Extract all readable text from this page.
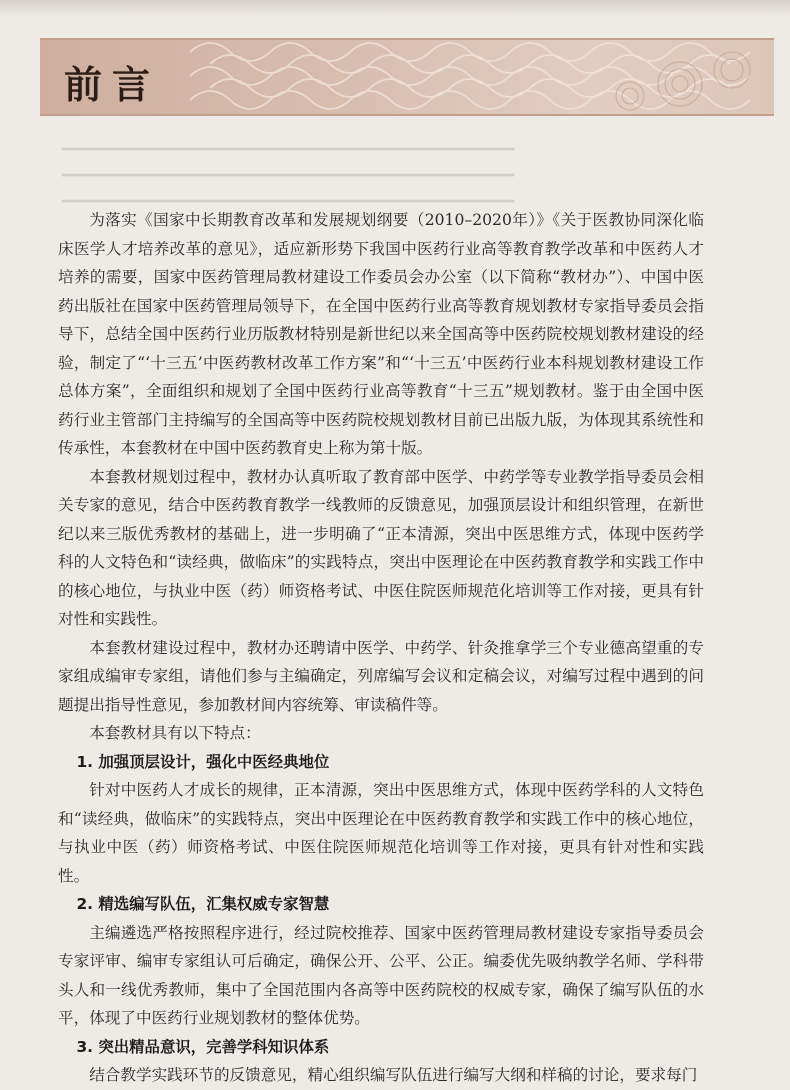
前言
▔▔▔▔▔▔▔▔▔▔▔▔▔▔▔▔▔▔▔▔▔▔▔▔▔▔▔▔▔▔▔▔▔▔▔▔▔▔▔▔▔▔
▔▔▔▔▔▔▔▔▔▔▔▔▔▔▔▔▔▔▔▔▔▔▔▔▔▔▔▔▔▔▔▔▔▔▔▔▔▔▔▔▔▔
▔▔▔▔▔▔▔▔▔▔▔▔▔▔▔▔▔▔▔▔▔▔▔▔▔▔▔▔▔▔▔▔▔▔▔▔▔▔▔▔▔▔

为落实《国家中长期教育改革和发展规划纲要（2010–2020年）》《关于医教协同深化临床医学人才培养改革的意见》，适应新形势下我国中医药行业高等教育教学改革和中医药人才培养的需要，国家中医药管理局教材建设工作委员会办公室（以下简称“教材办”）、中国中医药出版社在国家中医药管理局领导下，在全国中医药行业高等教育规划教材专家指导委员会指导下，总结全国中医药行业历版教材特别是新世纪以来全国高等中医药院校规划教材建设的经验，制定了“‘十三五’中医药教材改革工作方案”和“‘十三五’中医药行业本科规划教材建设工作总体方案”，全面组织和规划了全国中医药行业高等教育“十三五”规划教材。鉴于由全国中医药行业主管部门主持编写的全国高等中医药院校规划教材目前已出版九版，为体现其系统性和传承性，本套教材在中国中医药教育史上称为第十版。

本套教材规划过程中，教材办认真听取了教育部中医学、中药学等专业教学指导委员会相关专家的意见，结合中医药教育教学一线教师的反馈意见，加强顶层设计和组织管理，在新世纪以来三版优秀教材的基础上，进一步明确了“正本清源，突出中医思维方式，体现中医药学科的人文特色和“读经典，做临床”的实践特点，突出中医理论在中医药教育教学和实践工作中的核心地位，与执业中医（药）师资格考试、中医住院医师规范化培训等工作对接，更具有针对性和实践性。

本套教材建设过程中，教材办还聘请中医学、中药学、针灸推拿学三个专业德高望重的专家组成编审专家组，请他们参与主编确定，列席编写会议和定稿会议，对编写过程中遇到的问题提出指导性意见，参加教材间内容统筹、审读稿件等。

本套教材具有以下特点：

1. 加强顶层设计，强化中医经典地位

针对中医药人才成长的规律，正本清源，突出中医思维方式，体现中医药学科的人文特色和“读经典，做临床”的实践特点，突出中医理论在中医药教育教学和实践工作中的核心地位，与执业中医（药）师资格考试、中医住院医师规范化培训等工作对接，更具有针对性和实践性。

2. 精选编写队伍，汇集权威专家智慧

主编遴选严格按照程序进行，经过院校推荐、国家中医药管理局教材建设专家指导委员会专家评审、编审专家组认可后确定，确保公开、公平、公正。编委优先吸纳教学名师、学科带头人和一线优秀教师，集中了全国范围内各高等中医药院校的权威专家，确保了编写队伍的水平，体现了中医药行业规划教材的整体优势。

3. 突出精品意识，完善学科知识体系

结合教学实践环节的反馈意见，精心组织编写队伍进行编写大纲和样稿的讨论，要求每门
